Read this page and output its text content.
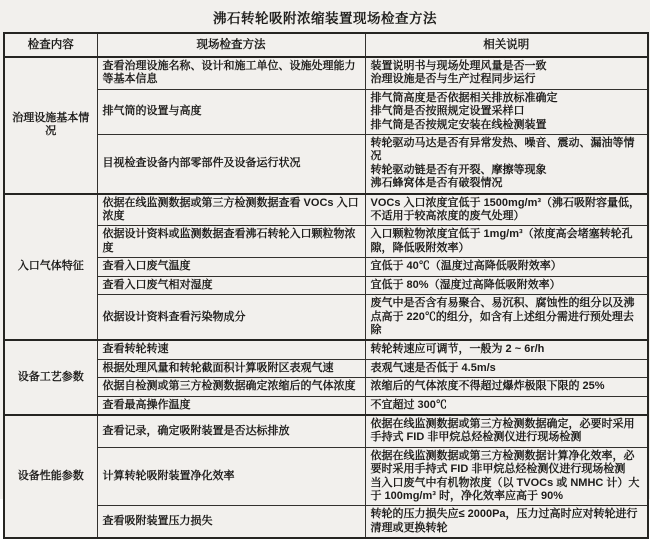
沸石转轮吸附浓缩装置现场检查方法
检查内容	现场检查方法	相关说明
治理设施基本情况	查看治理设施名称、设计和施工单位、设施处理能力等基本信息	装置说明书与现场处理风量是否一致
治理设施是否与生产过程同步运行

	排气筒的设置与高度	排气筒高度是否依据相关排放标准确定
排气筒是否按照规定设置采样口
排气筒是否按规定安装在线检测装置

	目视检查设备内部零部件及设备运行状况	转轮驱动马达是否有异常发热、噪音、震动、漏油等情况
转轮驱动链是否有开裂、摩擦等现象
沸石蜂窝体是否有破裂情况

入口气体特征	依据在线监测数据或第三方检测数据查看 VOCs 入口浓度	VOCs 入口浓度宜低于 1500mg/m³（沸石吸附容量低，不适用于较高浓度的废气处理）

	依据设计资料或监测数据查看沸石转轮入口颗粒物浓度	入口颗粒物浓度宜低于 1mg/m³（浓度高会堵塞转轮孔隙，降低吸附效率）

	查看入口废气温度	宜低于 40℃（温度过高降低吸附效率）

	查看入口废气相对湿度	宜低于 80%（湿度过高降低吸附效率）

	依据设计资料查看污染物成分	废气中是否含有易聚合、易沉积、腐蚀性的组分以及沸点高于 220℃的组分，如含有上述组分需进行预处理去除

设备工艺参数	查看转轮转速	转轮转速应可调节，一般为 2 ~ 6r/h

	根据处理风量和转轮截面积计算吸附区表观气速	表观气速是否低于 4.5m/s

	依据自检测或第三方检测数据确定浓缩后的气体浓度	浓缩后的气体浓度不得超过爆炸极限下限的 25%

	查看最高操作温度	不宜超过 300℃

设备性能参数	查看记录，确定吸附装置是否达标排放	依据在线监测数据或第三方检测数据确定，必要时采用手持式 FID 非甲烷总烃检测仪进行现场检测

	计算转轮吸附装置净化效率	依据在线监测数据或第三方检测数据计算净化效率，必要时采用手持式 FID 非甲烷总烃检测仪进行现场检测
当入口废气中有机物浓度（以 TVOCs 或 NMHC 计）大于 100mg/m³ 时，净化效率应高于 90%

	查看吸附装置压力损失	转轮的压力损失应≤ 2000Pa，压力过高时应对转轮进行清理或更换转轮
